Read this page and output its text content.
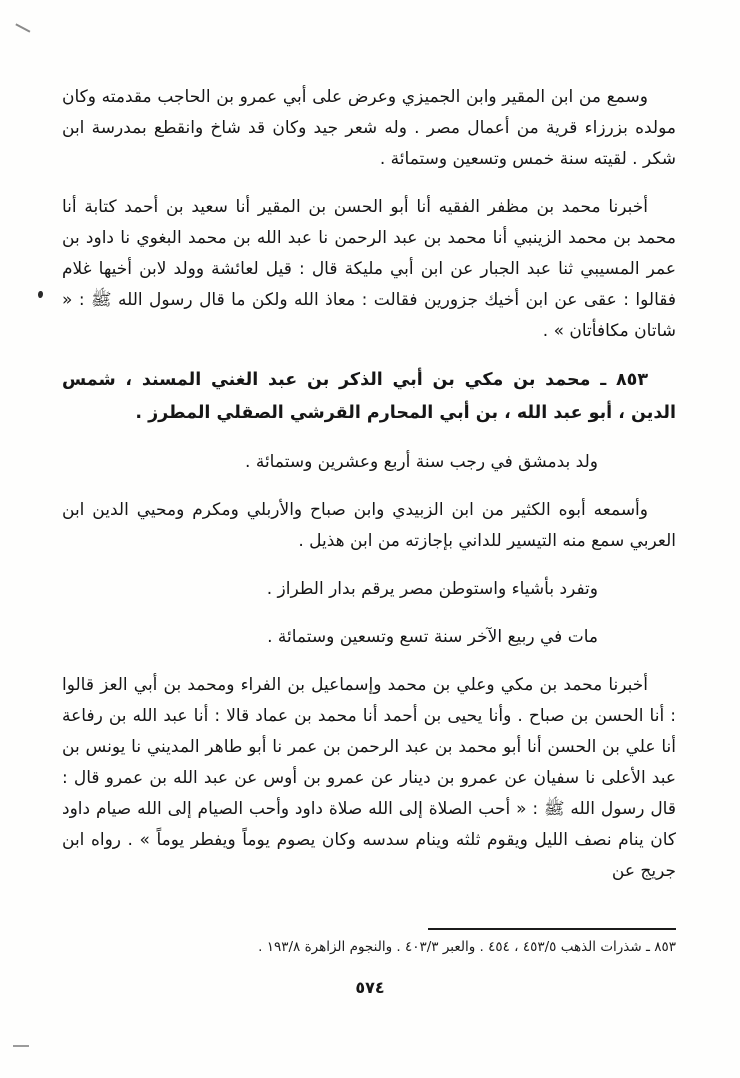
وسمع من ابن المقير وابن الجميزي وعرض على أبي عمرو بن الحاجب مقدمته وكان مولده بزرزاء قرية من أعمال مصر . وله شعر جيد وكان قد شاخ وانقطع بمدرسة ابن شكر . لقيته سنة خمس وتسعين وستمائة .

أخبرنا محمد بن مظفر الفقيه أنا أبو الحسن بن المقير أنا سعيد بن أحمد كتابة أنا محمد بن محمد الزينبي أنا محمد بن عبد الرحمن نا عبد الله بن محمد البغوي نا داود بن عمر المسيبي ثنا عبد الجبار عن ابن أبي مليكة قال : قيل لعائشة وولد لابن أخيها غلام فقالوا : عقى عن ابن أخيك جزورين فقالت : معاذ الله ولكن ما قال رسول الله ﷺ : « شاتان مكافأتان » .

٨٥٣ ـ محمد بن مكي بن أبي الذكر بن عبد الغني المسند ، شمس الدين ، أبو عبد الله ، بن أبي المحارم القرشي الصقلي المطرز .

ولد بدمشق في رجب سنة أربع وعشرين وستمائة .

وأسمعه أبوه الكثير من ابن الزبيدي وابن صباح والأربلي ومكرم ومحيي الدين ابن العربي سمع منه التيسير للداني بإجازته من ابن هذيل .

وتفرد بأشياء واستوطن مصر يرقم بدار الطراز .

مات في ربيع الآخر سنة تسع وتسعين وستمائة .

أخبرنا محمد بن مكي وعلي بن محمد وإسماعيل بن الفراء ومحمد بن أبي العز قالوا : أنا الحسن بن صباح . وأنا يحيى بن أحمد أنا محمد بن عماد قالا : أنا عبد الله بن رفاعة أنا علي بن الحسن أنا أبو محمد بن عبد الرحمن بن عمر نا أبو طاهر المديني نا يونس بن عبد الأعلى نا سفيان عن عمرو بن دينار عن عمرو بن أوس عن عبد الله بن عمرو قال : قال رسول الله ﷺ : « أحب الصلاة إلى الله صلاة داود وأحب الصيام إلى الله صيام داود كان ينام نصف الليل ويقوم ثلثه وينام سدسه وكان يصوم يوماً ويفطر يوماً » . رواه ابن جريج عن

٨٥٣ ـ شذرات الذهب ٤٥٣/٥ ، ٤٥٤ . والعبر ٤٠٣/٣ . والنجوم الزاهرة ١٩٣/٨ .

٥٧٤
